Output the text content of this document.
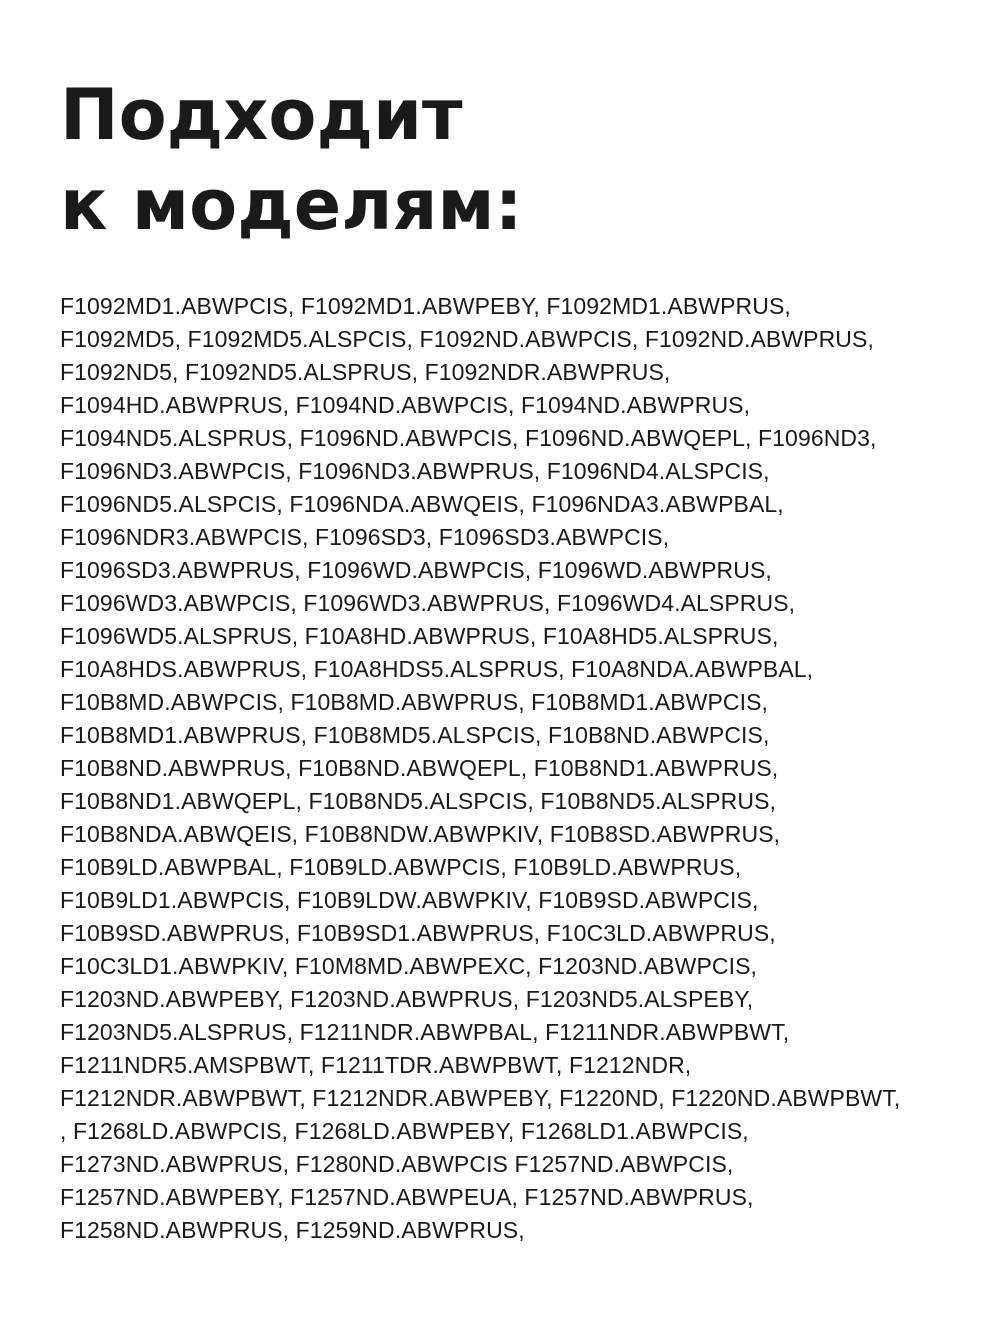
Подходит
к моделям:
F1092MD1.ABWPCIS, F1092MD1.ABWPEBY, F1092MD1.ABWPRUS,
F1092MD5, F1092MD5.ALSPCIS, F1092ND.ABWPCIS, F1092ND.ABWPRUS,
F1092ND5, F1092ND5.ALSPRUS, F1092NDR.ABWPRUS,
F1094HD.ABWPRUS, F1094ND.ABWPCIS, F1094ND.ABWPRUS,
F1094ND5.ALSPRUS, F1096ND.ABWPCIS, F1096ND.ABWQEPL, F1096ND3,
F1096ND3.ABWPCIS, F1096ND3.ABWPRUS, F1096ND4.ALSPCIS,
F1096ND5.ALSPCIS, F1096NDA.ABWQEIS, F1096NDA3.ABWPBAL,
F1096NDR3.ABWPCIS, F1096SD3, F1096SD3.ABWPCIS,
F1096SD3.ABWPRUS, F1096WD.ABWPCIS, F1096WD.ABWPRUS,
F1096WD3.ABWPCIS, F1096WD3.ABWPRUS, F1096WD4.ALSPRUS,
F1096WD5.ALSPRUS, F10A8HD.ABWPRUS, F10A8HD5.ALSPRUS,
F10A8HDS.ABWPRUS, F10A8HDS5.ALSPRUS, F10A8NDA.ABWPBAL,
F10B8MD.ABWPCIS, F10B8MD.ABWPRUS, F10B8MD1.ABWPCIS,
F10B8MD1.ABWPRUS, F10B8MD5.ALSPCIS, F10B8ND.ABWPCIS,
F10B8ND.ABWPRUS, F10B8ND.ABWQEPL, F10B8ND1.ABWPRUS,
F10B8ND1.ABWQEPL, F10B8ND5.ALSPCIS, F10B8ND5.ALSPRUS,
F10B8NDA.ABWQEIS, F10B8NDW.ABWPKIV, F10B8SD.ABWPRUS,
F10B9LD.ABWPBAL, F10B9LD.ABWPCIS, F10B9LD.ABWPRUS,
F10B9LD1.ABWPCIS, F10B9LDW.ABWPKIV, F10B9SD.ABWPCIS,
F10B9SD.ABWPRUS, F10B9SD1.ABWPRUS, F10C3LD.ABWPRUS,
F10C3LD1.ABWPKIV, F10M8MD.ABWPEXC, F1203ND.ABWPCIS,
F1203ND.ABWPEBY, F1203ND.ABWPRUS, F1203ND5.ALSPEBY,
F1203ND5.ALSPRUS, F1211NDR.ABWPBAL, F1211NDR.ABWPBWT,
F1211NDR5.AMSPBWT, F1211TDR.ABWPBWT, F1212NDR,
F1212NDR.ABWPBWT, F1212NDR.ABWPEBY, F1220ND, F1220ND.ABWPBWT,
, F1268LD.ABWPCIS, F1268LD.ABWPEBY, F1268LD1.ABWPCIS,
F1273ND.ABWPRUS, F1280ND.ABWPCIS F1257ND.ABWPCIS,
F1257ND.ABWPEBY, F1257ND.ABWPEUA, F1257ND.ABWPRUS,
F1258ND.ABWPRUS, F1259ND.ABWPRUS,
